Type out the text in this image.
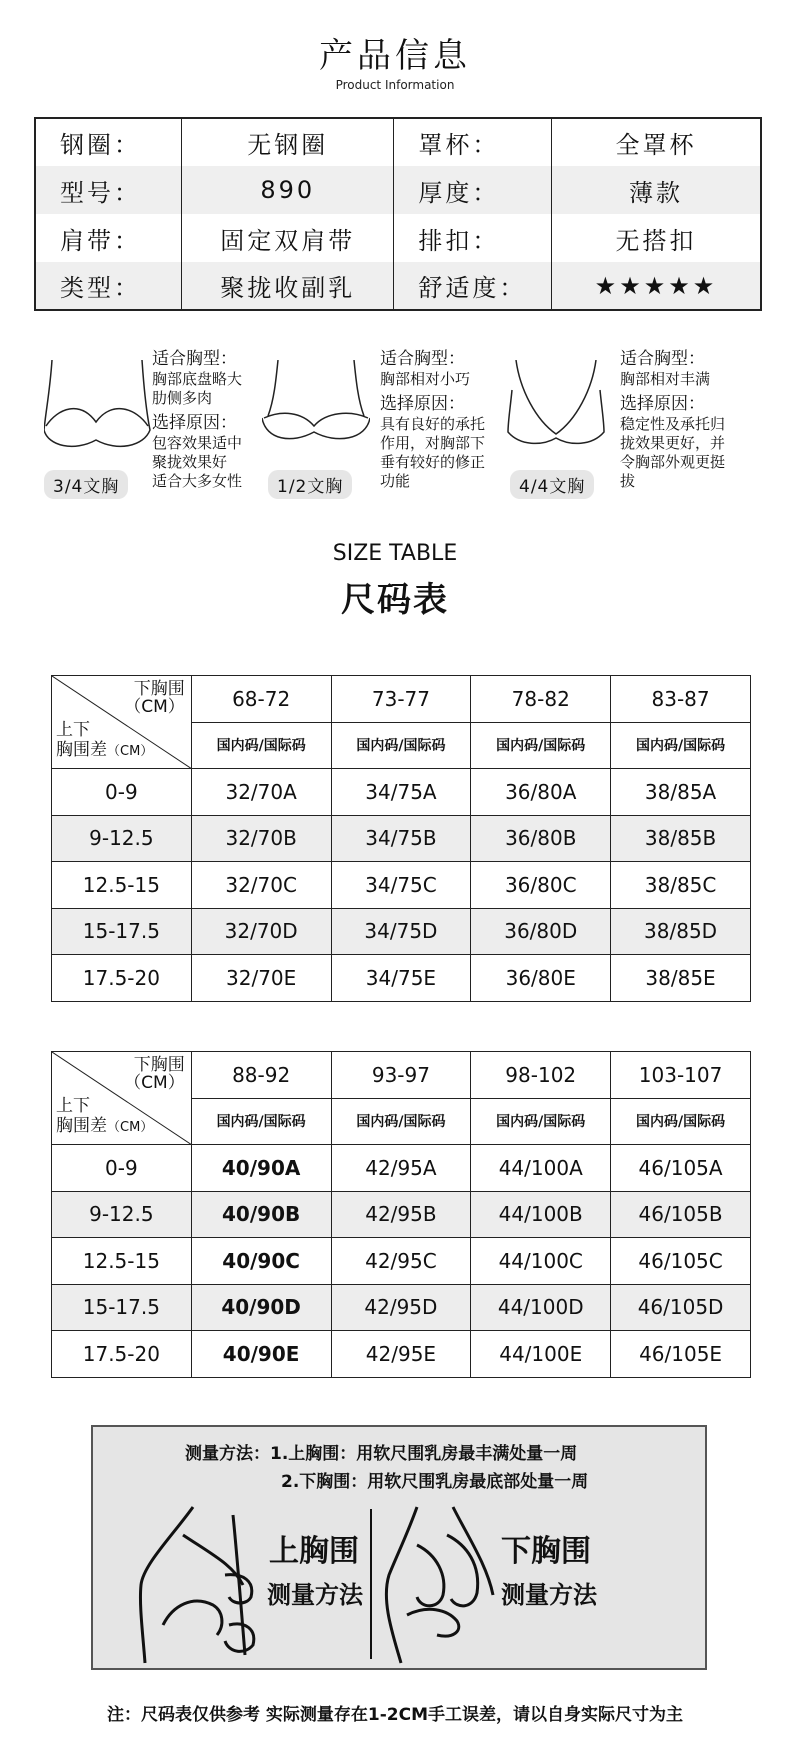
产品信息
Product Information
钢圈：	无钢圈	罩杯：	全罩杯
型号：	890	厚度：	薄款
肩带：	固定双肩带	排扣：	无搭扣
类型：	聚拢收副乳	舒适度：	★★★★★
3/4文胸
适合胸型：
胸部底盘略大
肋侧多肉
选择原因：
包容效果适中
聚拢效果好
适合大多女性	1/2文胸
适合胸型：
胸部相对小巧
选择原因：
具有良好的承托
作用，对胸部下
垂有较好的修正
功能	4/4文胸
适合胸型：
胸部相对丰满
选择原因：
稳定性及承托归
拢效果更好，并
令胸部外观更挺
拔
SIZE TABLE
尺码表
下胸围
（CM）
上下
胸围差（CM）	68-72	73-77	78-82	83-87
	国内码/国际码	国内码/国际码	国内码/国际码	国内码/国际码
0-9	32/70A	34/75A	36/80A	38/85A
9-12.5	32/70B	34/75B	36/80B	38/85B
12.5-15	32/70C	34/75C	36/80C	38/85C
15-17.5	32/70D	34/75D	36/80D	38/85D
17.5-20	32/70E	34/75E	36/80E	38/85E
下胸围
（CM）
上下
胸围差（CM）	88-92	93-97	98-102	103-107
	国内码/国际码	国内码/国际码	国内码/国际码	国内码/国际码
0-9	40/90A	42/95A	44/100A	46/105A
9-12.5	40/90B	42/95B	44/100B	46/105B
12.5-15	40/90C	42/95C	44/100C	46/105C
15-17.5	40/90D	42/95D	44/100D	46/105D
17.5-20	40/90E	42/95E	44/100E	46/105E
测量方法：1.上胸围：用软尺围乳房最丰满处量一周
2.下胸围：用软尺围乳房最底部处量一周
上胸围
测量方法
下胸围
测量方法
注：尺码表仅供参考 实际测量存在1-2CM手工误差，请以自身实际尺寸为主
